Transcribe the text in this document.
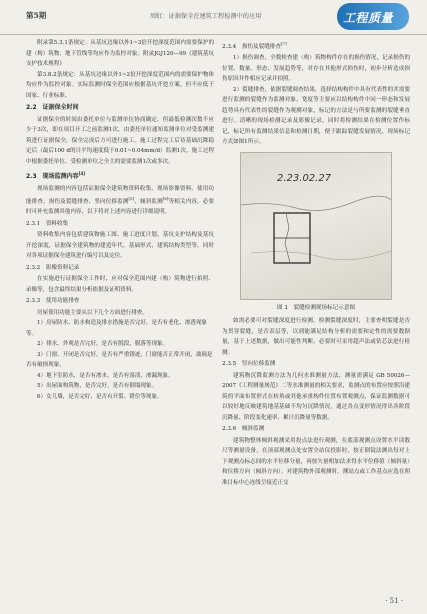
第5期	周虹：证据保全在建筑工程检测中的应用	工程质量

附录第5.3.1条规定：从基坑边缘以外1~3倍开挖深度范围内需要保护的建（构）筑物、地下管线等均应作为监控对象。附录JGJ120—99《建筑基坑支护技术规程》

第3.8.2条规定：从基坑边缘以外1~2倍开挖深度范围内的需要保护物体均应作为监控对象。实际监测时保全范围应根据基坑开挖方案，但不应低于国家、行业标准。

2.2　证据保全时间

证据保全的时间由委托单位与监测单位协商确定，但最低检测次数不应少于3次，即在项目开工之前监测1次，由委托单位通知监测单位对受监测建筑进行证据保全，保全完成后方可进行施工。施工过程完工后待基础沉降稳定后（最后100 d的日平均速度低于0.01~0.04mm/d）监测1次。施工过程中根据委托单位、受检测单位之全主的需要监测1次或多次。

2.3　现场监测内容[4]

现场监测的内容包括证据保全建筑物资料收集、现场影像资料、使用功能排查、损伤及裂缝排查、竖向位移监测[5]、倾斜监测[6]等相关内容，必要时可补充监测其他内容，以下将对上述内容进行详细说明。

2.3.1　资料收集

资料收集内容包括建筑物施工图、施工进度计划、基坑支护结构及基坑开挖深度，证据保全建筑物的建造年代、基础形式，建筑结构类型等，同时对各项证据保全建筑进行编号以及定位。

2.3.2　影像资料记录

在实施进行证据保全工作时，应对保全范围内建（构）筑物进行拍照、录像等，包含最终结果分析依据及证明资料。

2.3.3　使用功能排查

房屋使用功能主要从以下几个方面进行排查。

1）房屋防水、防水构造及排水措施是否完好，是否有老化、渗透现象等。

2）排水、外观是否完好，是否有脱段、脱落等现象。

3）门窗、开闭是否完好，是否有严重锈迹，门窗能否正常开闭，玻璃是否有破损现象。

4）地下室防水，是否有渗水，是否有湿渍、渗漏现象。

5）出屋面构筑物，是否完好，是否有倒塌现象。

6）女儿墙，是否完好，是否有开裂、错位等现象。

2.3.4　损伤及裂缝排查[7]

1）损伤调查，全数检查建（构）筑物构件存在的损伤情况，记录损伤的位置、数量、形态、发展趋势等，对存在其他形式损伤时，初步分析造成损伤原因并作相应记录并拍照。

2）裂缝排查，依据裂缝调查结果，选择结构构件中具有代表性的并需要进行监测的裂缝作为监测对象，宽度等主要应以结构构件中同一形态和发展趋势具有代表性的裂缝作为观测对象，标记的方法是与所要监测的裂缝垂直进行。清晰的现场检测记录及影像记录，同时将检测结果在检测位置作标记，标记所有监测结果信息和检测日期，便于跟踪裂缝发展情况。现场标记方式如图1所示。

2.23.02.27
图 1　裂缝检测现场标记示意图

如需必要可对裂缝深度进行检测，检测裂缝深度时，主要查明裂缝是否为贯穿裂缝，是否表层等，以到能满足结构分析的需要和定性的需要数据量，基于上述数据，做出可能性判断，必要时可采用超声法或钻芯法进行检测。

2.3.5　竖向位移监测

建筑物沉降监测方法为几何水准测量方法，测量需满足 GB 50026—2007《工程测量规范》二等水准测量的相关要求，监测点的布置应按照沿建筑的平面布置形式在转角或其他承重构件位置布置观测点，保证监测数据可以较好地反映建筑地基基础不均匀沉降情况，通过各点变形情况得出各阶段沉降量、阶段变化速率、累计沉降量等数据。

2.3.6　倾斜监测

建筑物整体倾斜观测采用投点法进行观测，在底部观测点设置水平读数尺等测量设备，在顶部观测点处安置全站仪投影时，按正倒镜法测出每对上下观测点标志间的水平位移分量，再按矢量相加法求得水平位移值（倾斜量）和位移方向（倾斜方向）。对建筑物外部观测时，测站点或工作基点应选在照准目标中心连线呈接近正交

· 51 ·
